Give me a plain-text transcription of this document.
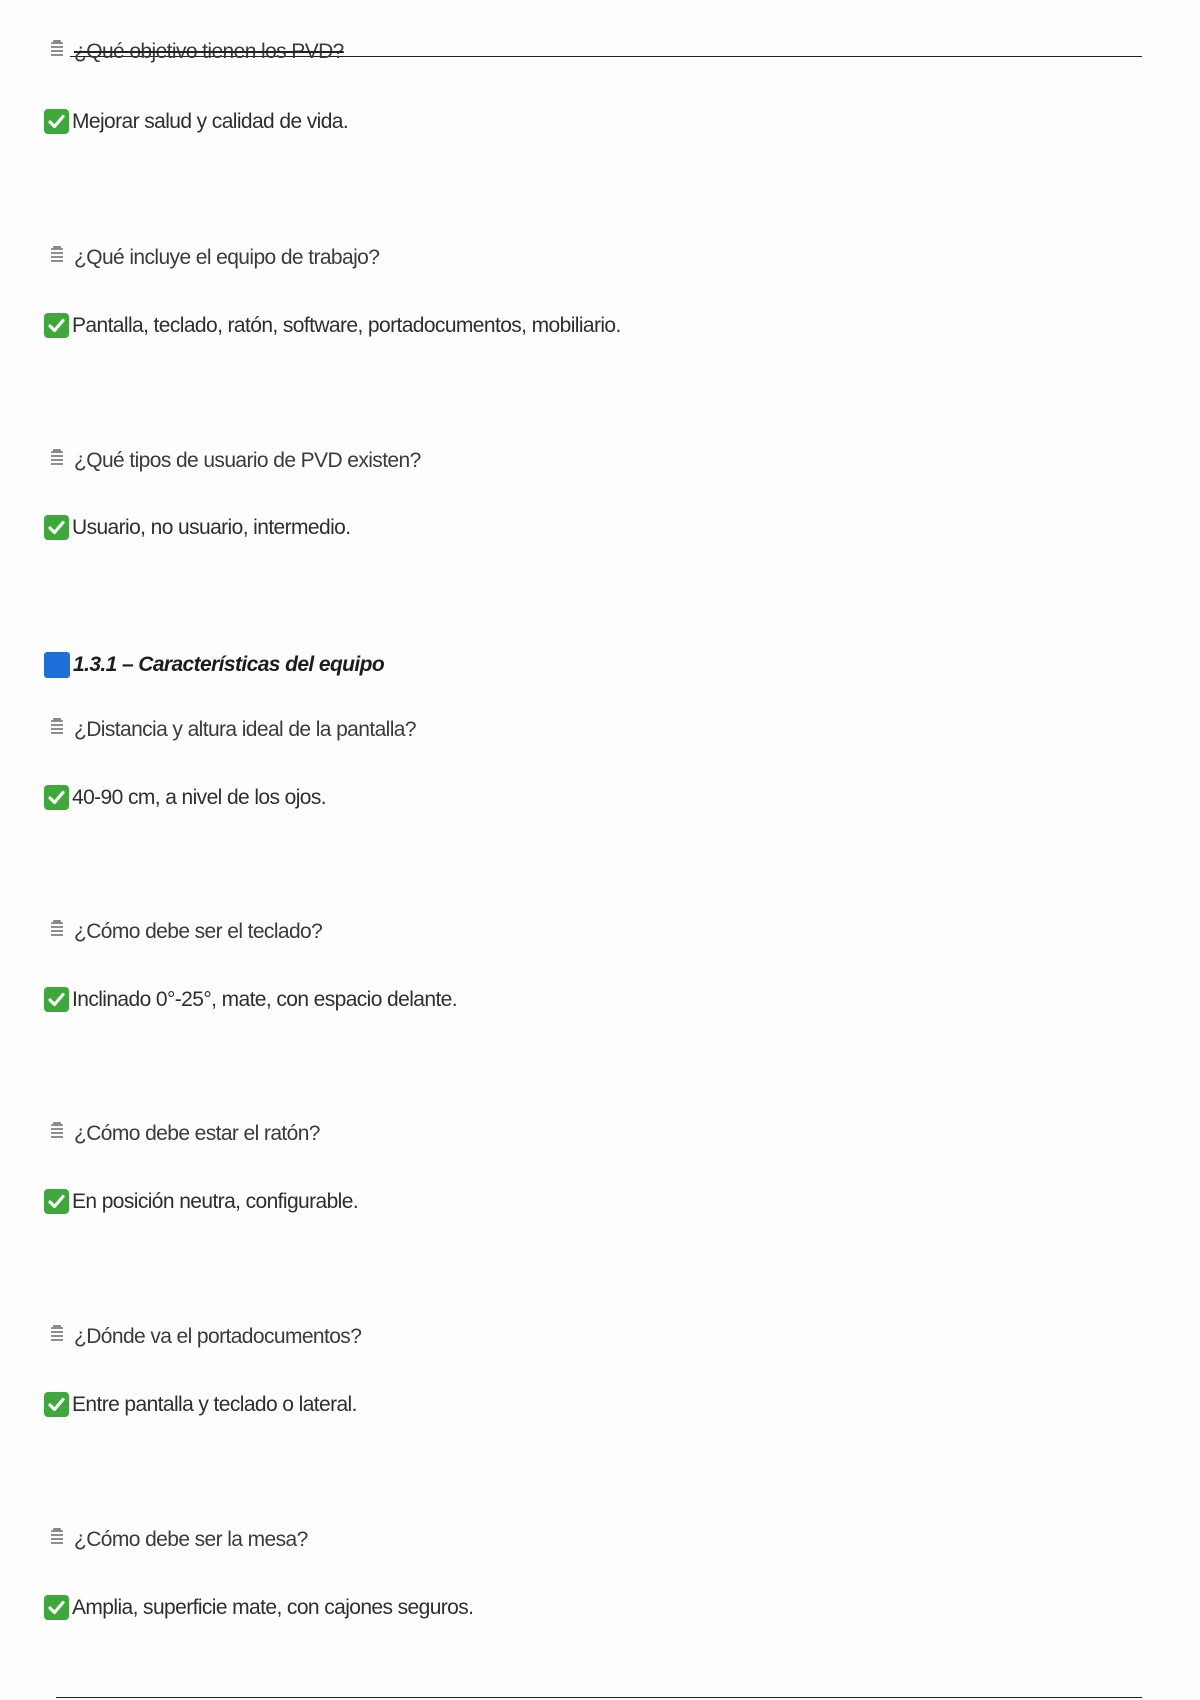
¿Qué objetivo tienen los PVD?
Mejorar salud y calidad de vida.
¿Qué incluye el equipo de trabajo?
Pantalla, teclado, ratón, software, portadocumentos, mobiliario.
¿Qué tipos de usuario de PVD existen?
Usuario, no usuario, intermedio.
1.3.1 – Características del equipo
¿Distancia y altura ideal de la pantalla?
40-90 cm, a nivel de los ojos.
¿Cómo debe ser el teclado?
Inclinado 0°-25°, mate, con espacio delante.
¿Cómo debe estar el ratón?
En posición neutra, configurable.
¿Dónde va el portadocumentos?
Entre pantalla y teclado o lateral.
¿Cómo debe ser la mesa?
Amplia, superficie mate, con cajones seguros.
